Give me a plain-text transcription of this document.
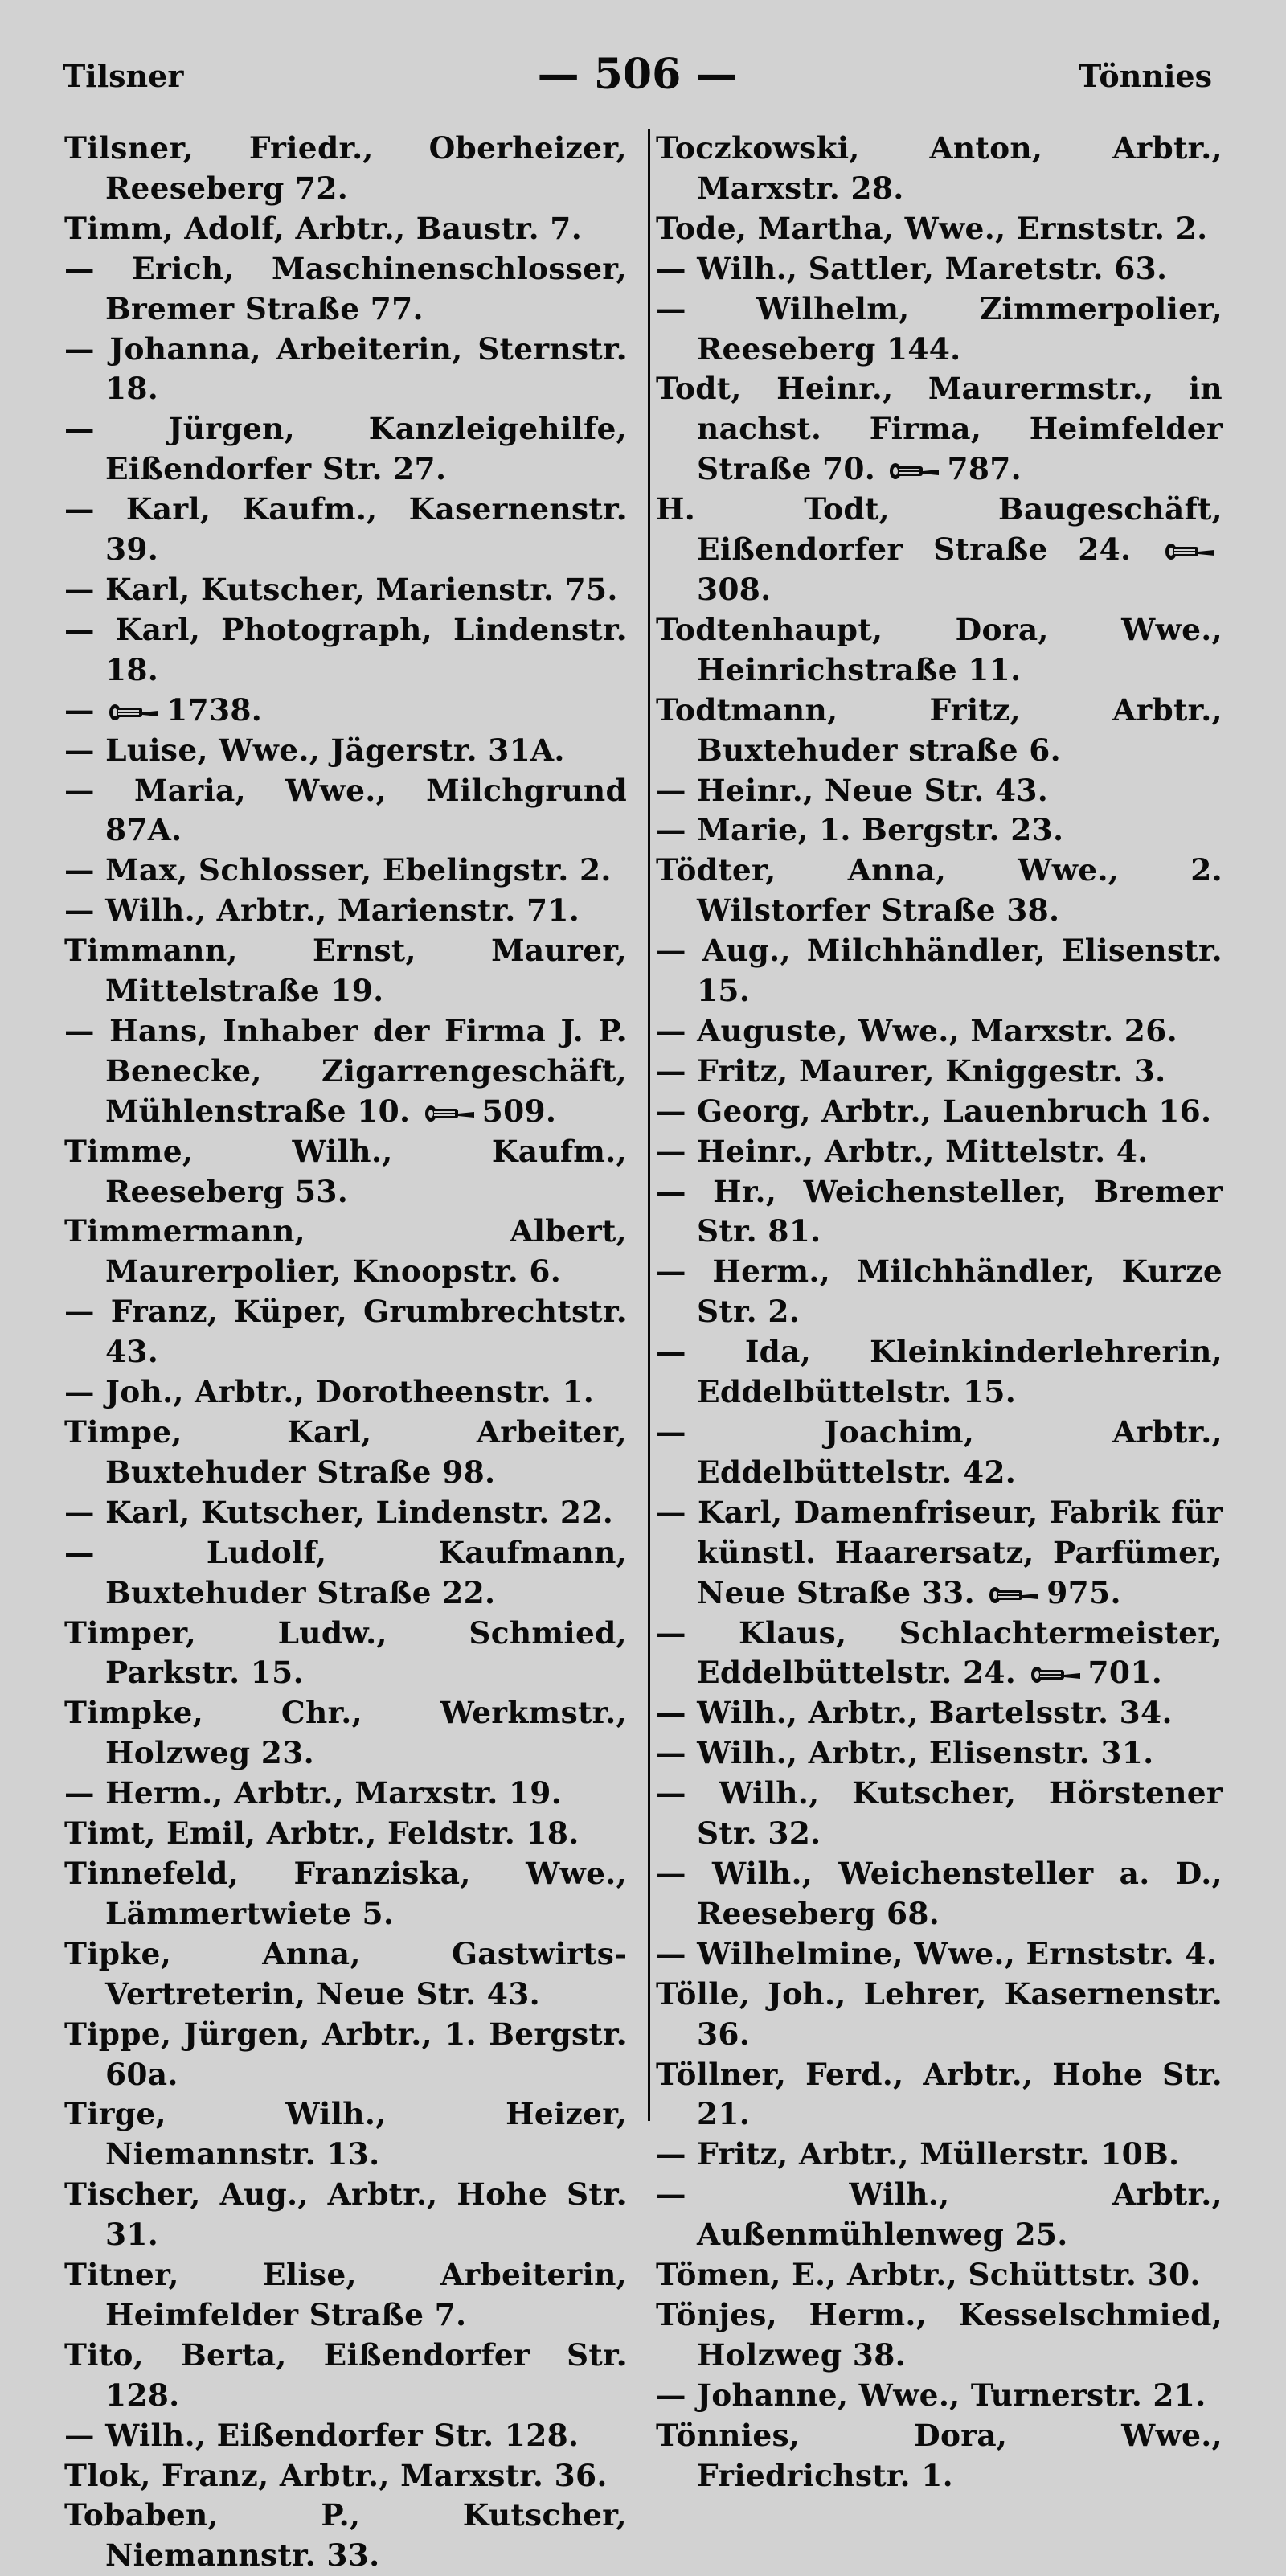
Tilsner	— 506 —	Tönnies
Tilsner, Friedr., Oberheizer, Reeseberg 72.
Timm, Adolf, Arbtr., Baustr. 7.
— Erich, Maschinenschlosser, Bremer Straße 77.
— Johanna, Arbeiterin, Sternstr. 18.
— Jürgen, Kanzleigehilfe, Eißendorfer Str. 27.
— Karl, Kaufm., Kasernenstr. 39.
— Karl, Kutscher, Marienstr. 75.
— Karl, Photograph, Lindenstr. 18.
— 1738.
— Luise, Wwe., Jägerstr. 31A.
— Maria, Wwe., Milchgrund 87A.
— Max, Schlosser, Ebelingstr. 2.
— Wilh., Arbtr., Marienstr. 71.
Timmann, Ernst, Maurer, Mittelstraße 19.
— Hans, Inhaber der Firma J. P. Benecke, Zigarrengeschäft, Mühlenstraße 10. 509.
Timme, Wilh., Kaufm., Reeseberg 53.
Timmermann, Albert, Maurerpolier, Knoopstr. 6.
— Franz, Küper, Grumbrechtstr. 43.
— Joh., Arbtr., Dorotheenstr. 1.
Timpe, Karl, Arbeiter, Buxtehuder Straße 98.
— Karl, Kutscher, Lindenstr. 22.
— Ludolf, Kaufmann, Buxtehuder Straße 22.
Timper, Ludw., Schmied, Parkstr. 15.
Timpke, Chr., Werkmstr., Holzweg 23.
— Herm., Arbtr., Marxstr. 19.
Timt, Emil, Arbtr., Feldstr. 18.
Tinnefeld, Franziska, Wwe., Lämmertwiete 5.
Tipke, Anna, Gastwirts-Vertreterin, Neue Str. 43.
Tippe, Jürgen, Arbtr., 1. Bergstr. 60a.
Tirge, Wilh., Heizer, Niemannstr. 13.
Tischer, Aug., Arbtr., Hohe Str. 31.
Titner, Elise, Arbeiterin, Heimfelder Straße 7.
Tito, Berta, Eißendorfer Str. 128.
— Wilh., Eißendorfer Str. 128.
Tlok, Franz, Arbtr., Marxstr. 36.
Tobaben, P., Kutscher, Niemannstr. 33.
Toczkowski, Anton, Arbtr., Marxstr. 28.
Tode, Martha, Wwe., Ernststr. 2.
— Wilh., Sattler, Maretstr. 63.
— Wilhelm, Zimmerpolier, Reeseberg 144.
Todt, Heinr., Maurermstr., in nachst. Firma, Heimfelder Straße 70. 787.
H. Todt, Baugeschäft, Eißendorfer Straße 24. 308.
Todtenhaupt, Dora, Wwe., Heinrichstraße 11.
Todtmann, Fritz, Arbtr., Buxtehuder straße 6.
— Heinr., Neue Str. 43.
— Marie, 1. Bergstr. 23.
Tödter, Anna, Wwe., 2. Wilstorfer Straße 38.
— Aug., Milchhändler, Elisenstr. 15.
— Auguste, Wwe., Marxstr. 26.
— Fritz, Maurer, Kniggestr. 3.
— Georg, Arbtr., Lauenbruch 16.
— Heinr., Arbtr., Mittelstr. 4.
— Hr., Weichensteller, Bremer Str. 81.
— Herm., Milchhändler, Kurze Str. 2.
— Ida, Kleinkinderlehrerin, Eddelbüttelstr. 15.
— Joachim, Arbtr., Eddelbüttelstr. 42.
— Karl, Damenfriseur, Fabrik für künstl. Haarersatz, Parfümer, Neue Straße 33. 975.
— Klaus, Schlachtermeister, Eddelbüttelstr. 24. 701.
— Wilh., Arbtr., Bartelsstr. 34.
— Wilh., Arbtr., Elisenstr. 31.
— Wilh., Kutscher, Hörstener Str. 32.
— Wilh., Weichensteller a. D., Reeseberg 68.
— Wilhelmine, Wwe., Ernststr. 4.
Tölle, Joh., Lehrer, Kasernenstr. 36.
Töllner, Ferd., Arbtr., Hohe Str. 21.
— Fritz, Arbtr., Müllerstr. 10B.
— Wilh., Arbtr., Außenmühlenweg 25.
Tömen, E., Arbtr., Schüttstr. 30.
Tönjes, Herm., Kesselschmied, Holzweg 38.
— Johanne, Wwe., Turnerstr. 21.
Tönnies, Dora, Wwe., Friedrichstr. 1.
